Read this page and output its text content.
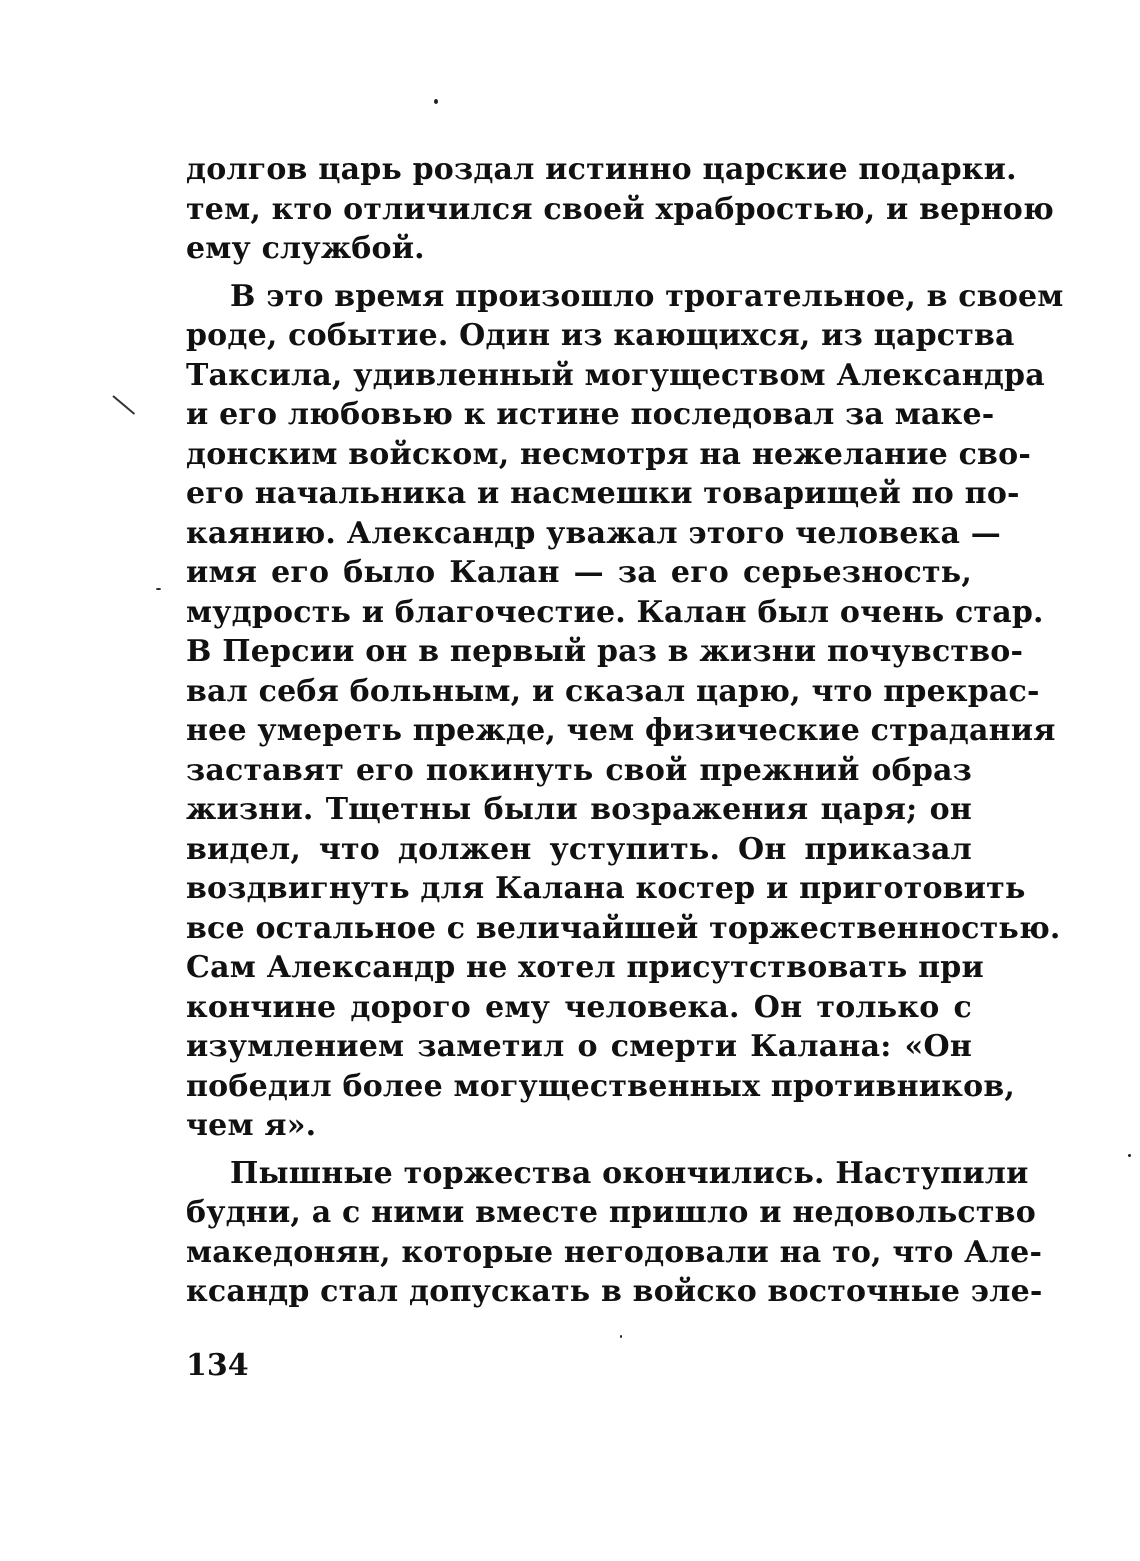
долгов царь роздал истинно царские подарки.
тем, кто отличился своей храбростью, и верною
ему службой.
В это время произошло трогательное, в своем
роде, событие. Один из кающихся, из царства
Таксила, удивленный могуществом Александра
и его любовью к истине последовал за маке-
донским войском, несмотря на нежелание сво-
его начальника и насмешки товарищей по по-
каянию. Александр уважал этого человека —
имя его было Калан — за его серьезность,
мудрость и благочестие. Калан был очень стар.
В Персии он в первый раз в жизни почувство-
вал себя больным, и сказал царю, что прекрас-
нее умереть прежде, чем физические страдания
заставят его покинуть свой прежний образ
жизни. Тщетны были возражения царя; он
видел, что должен уступить. Он приказал
воздвигнуть для Калана костер и приготовить
все остальное с величайшей торжественностью.
Сам Александр не хотел присутствовать при
кончине дорого ему человека. Он только с
изумлением заметил о смерти Калана: «Он
победил более могущественных противников,
чем я».
Пышные торжества окончились. Наступили
будни, а с ними вместе пришло и недовольство
македонян, которые негодовали на то, что Але-
ксандр стал допускать в войско восточные эле-
134
